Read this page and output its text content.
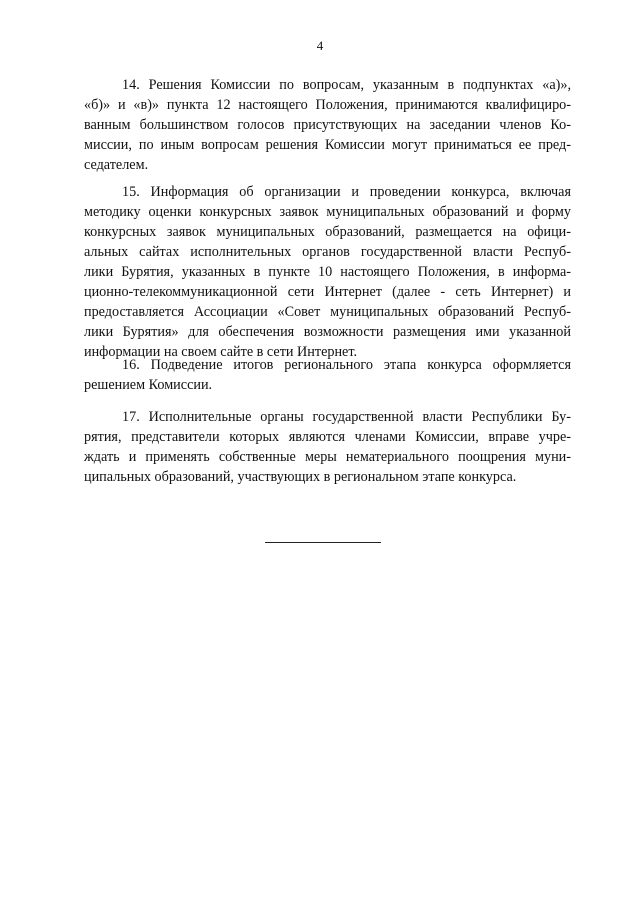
4

14. Решения Комиссии по вопросам, указанным в подпунктах «а)»,
«б)» и «в)» пункта 12 настоящего Положения, принимаются квалифициро-
ванным большинством голосов присутствующих на заседании членов Ко-
миссии, по иным вопросам решения Комиссии могут приниматься ее пред-
седателем.

15. Информация об организации и проведении конкурса, включая
методику оценки конкурсных заявок муниципальных образований и форму
конкурсных заявок муниципальных образований, размещается на офици-
альных сайтах исполнительных органов государственной власти Респуб-
лики Бурятия, указанных в пункте 10 настоящего Положения, в информа-
ционно-телекоммуникационной сети Интернет (далее - сеть Интернет) и
предоставляется Ассоциации «Совет муниципальных образований Респуб-
лики Бурятия» для обеспечения возможности размещения ими указанной
информации на своем сайте в сети Интернет.

16. Подведение итогов регионального этапа конкурса оформляется
решением Комиссии.

17. Исполнительные органы государственной власти Республики Бу-
рятия, представители которых являются членами Комиссии, вправе учре-
ждать и применять собственные меры нематериального поощрения муни-
ципальных образований, участвующих в региональном этапе конкурса.
